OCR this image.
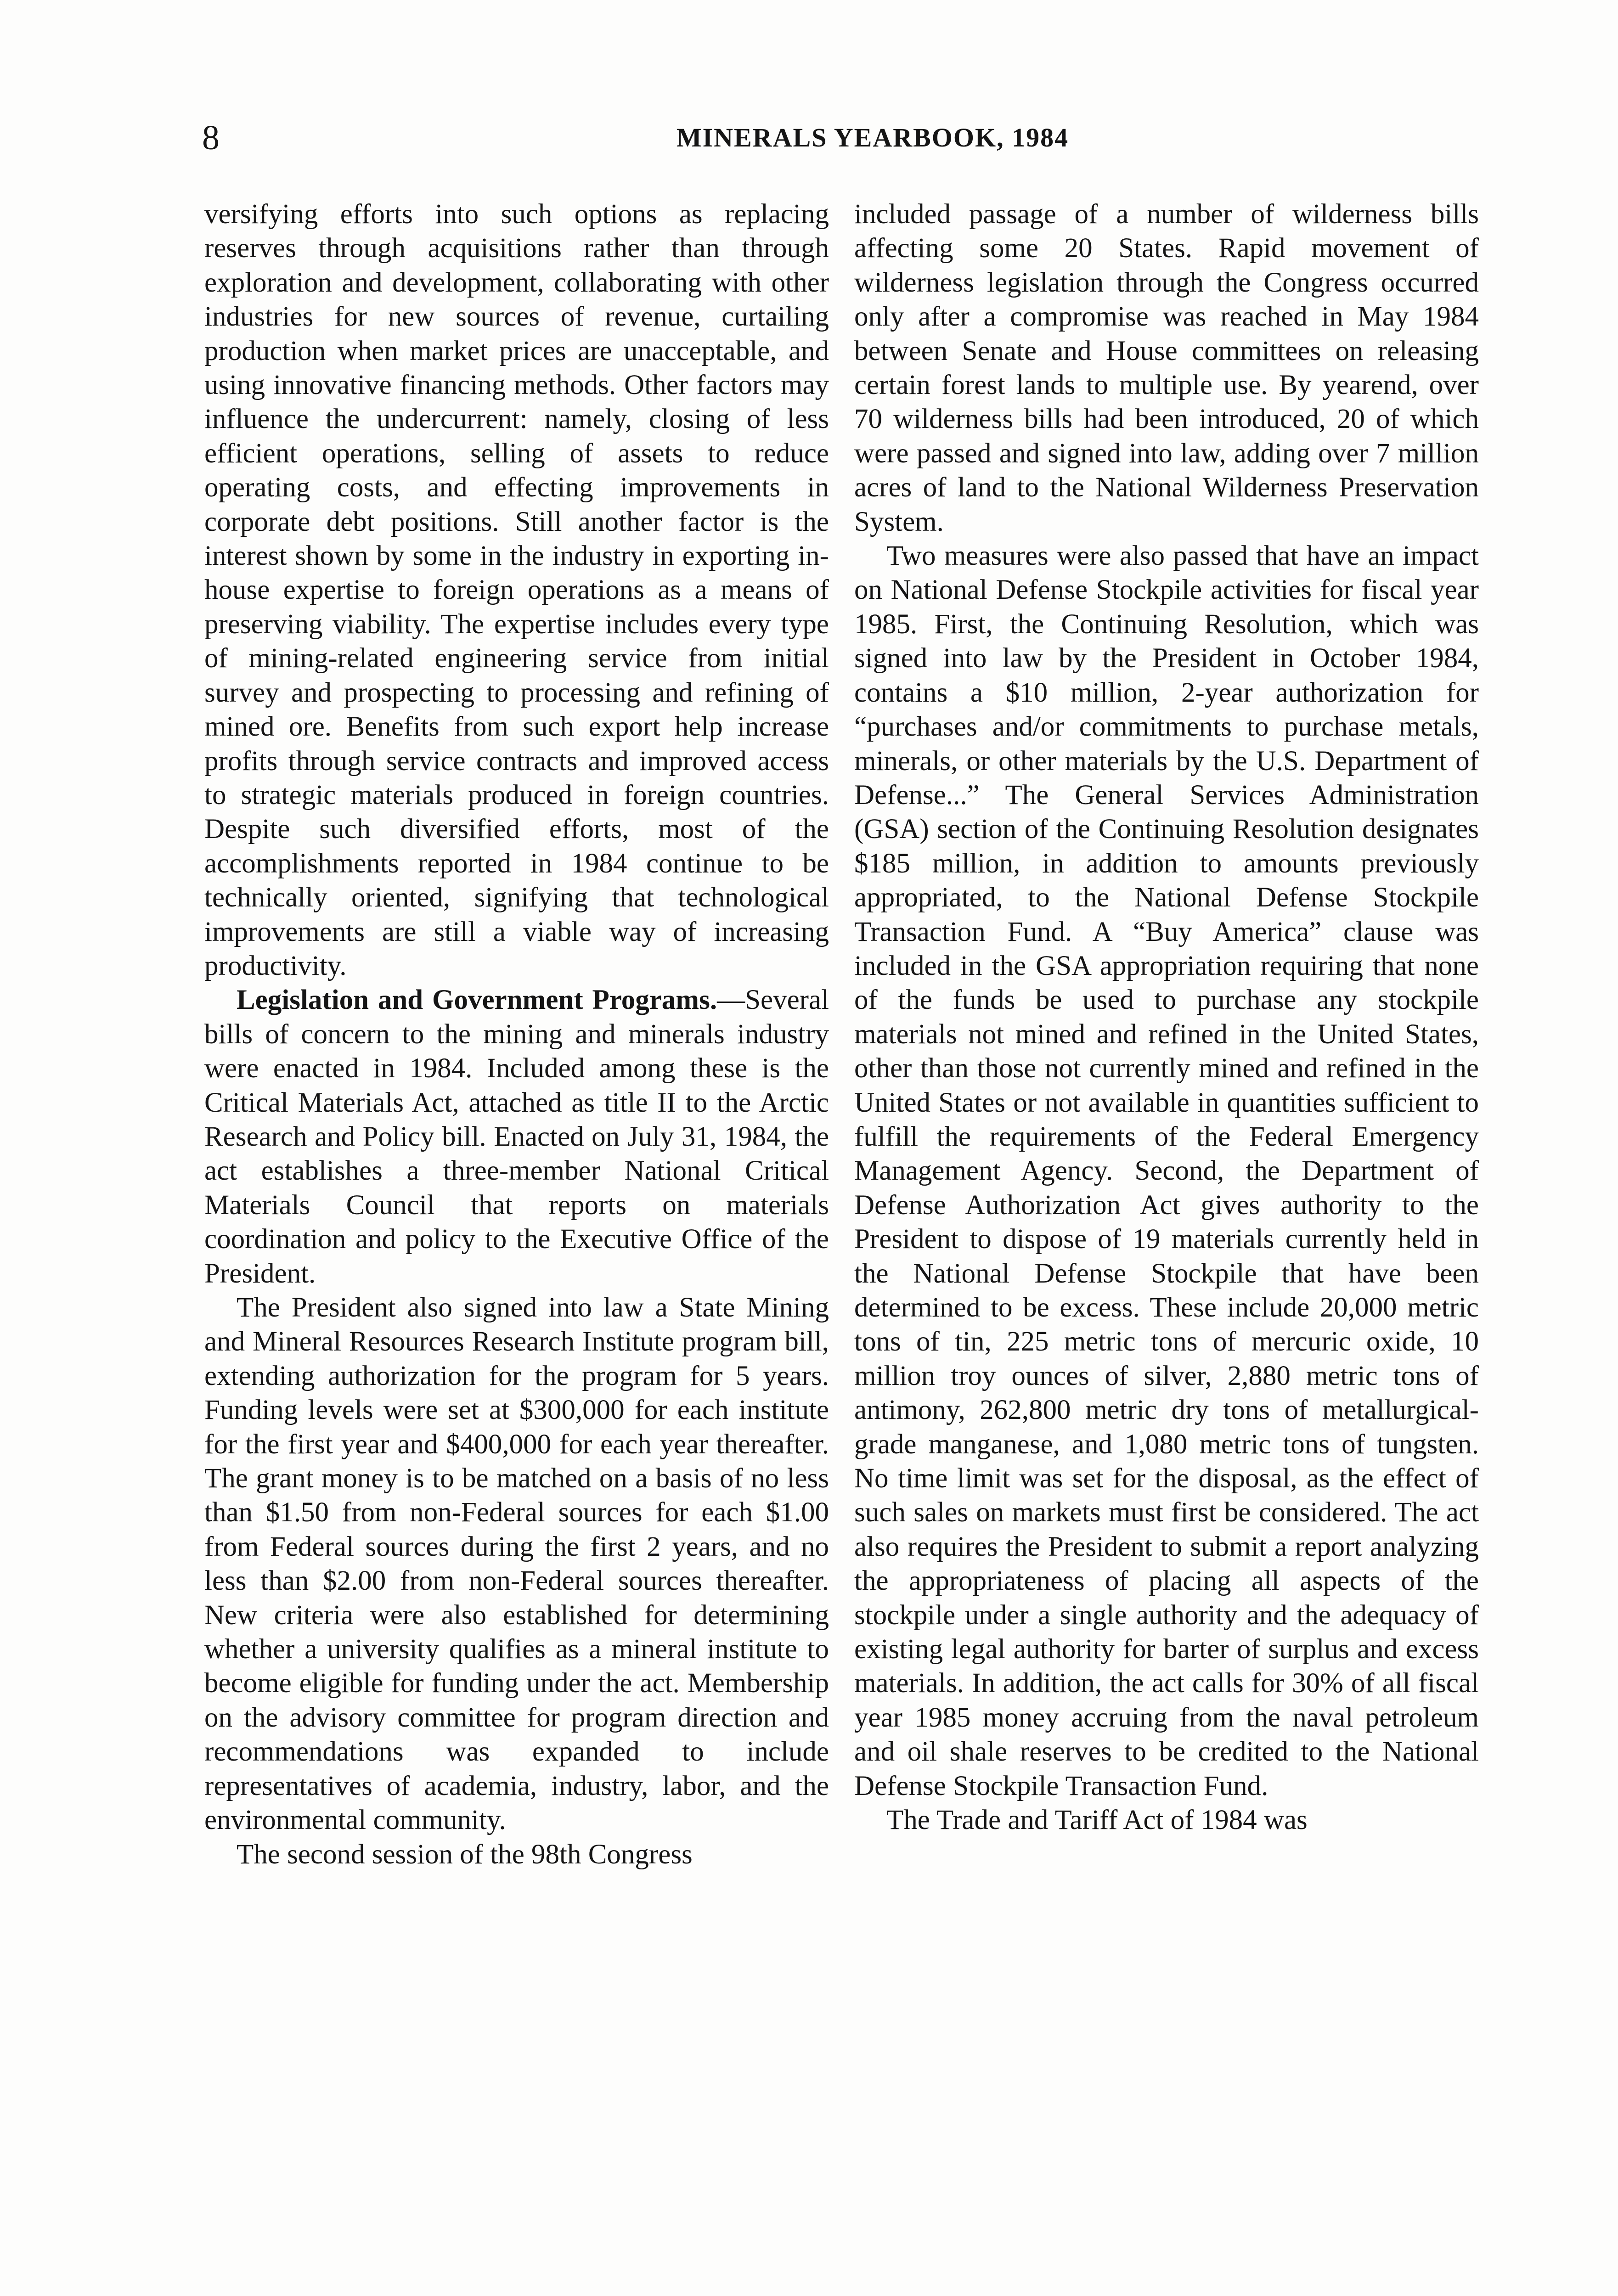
8	MINERALS YEARBOOK, 1984

versifying efforts into such options as replacing reserves through acquisitions rather than through exploration and development, collaborating with other industries for new sources of revenue, curtailing production when market prices are unacceptable, and using innovative financing methods. Other factors may influence the undercurrent: namely, closing of less efficient operations, selling of assets to reduce operating costs, and effecting improvements in corporate debt positions. Still another factor is the interest shown by some in the industry in exporting in-house expertise to foreign operations as a means of preserving viability. The expertise includes every type of mining-related engineering service from initial survey and prospecting to processing and refining of mined ore. Benefits from such export help increase profits through service contracts and improved access to strategic materials produced in foreign countries. Despite such diversified efforts, most of the accomplishments reported in 1984 continue to be technically oriented, signifying that technological improvements are still a viable way of increasing productivity.

Legislation and Government Programs.—Several bills of concern to the mining and minerals industry were enacted in 1984. Included among these is the Critical Materials Act, attached as title II to the Arctic Research and Policy bill. Enacted on July 31, 1984, the act establishes a three-member National Critical Materials Council that reports on materials coordination and policy to the Executive Office of the President.

The President also signed into law a State Mining and Mineral Resources Research Institute program bill, extending authorization for the program for 5 years. Funding levels were set at $300,000 for each institute for the first year and $400,000 for each year thereafter. The grant money is to be matched on a basis of no less than $1.50 from non-Federal sources for each $1.00 from Federal sources during the first 2 years, and no less than $2.00 from non-Federal sources thereafter. New criteria were also established for determining whether a university qualifies as a mineral institute to become eligible for funding under the act. Membership on the advisory committee for program direction and recommendations was expanded to include representatives of academia, industry, labor, and the environmental community.

The second session of the 98th Congress

included passage of a number of wilderness bills affecting some 20 States. Rapid movement of wilderness legislation through the Congress occurred only after a compromise was reached in May 1984 between Senate and House committees on releasing certain forest lands to multiple use. By yearend, over 70 wilderness bills had been introduced, 20 of which were passed and signed into law, adding over 7 million acres of land to the National Wilderness Preservation System.

Two measures were also passed that have an impact on National Defense Stockpile activities for fiscal year 1985. First, the Continuing Resolution, which was signed into law by the President in October 1984, contains a $10 million, 2-year authorization for “purchases and/or commitments to purchase metals, minerals, or other materials by the U.S. Department of Defense...” The General Services Administration (GSA) section of the Continuing Resolution designates $185 million, in addition to amounts previously appropriated, to the National Defense Stockpile Transaction Fund. A “Buy America” clause was included in the GSA appropriation requiring that none of the funds be used to purchase any stockpile materials not mined and refined in the United States, other than those not currently mined and refined in the United States or not available in quantities sufficient to fulfill the requirements of the Federal Emergency Management Agency. Second, the Department of Defense Authorization Act gives authority to the President to dispose of 19 materials currently held in the National Defense Stockpile that have been determined to be excess. These include 20,000 metric tons of tin, 225 metric tons of mercuric oxide, 10 million troy ounces of silver, 2,880 metric tons of antimony, 262,800 metric dry tons of metallurgical-grade manganese, and 1,080 metric tons of tungsten. No time limit was set for the disposal, as the effect of such sales on markets must first be considered. The act also requires the President to submit a report analyzing the appropriateness of placing all aspects of the stockpile under a single authority and the adequacy of existing legal authority for barter of surplus and excess materials. In addition, the act calls for 30% of all fiscal year 1985 money accruing from the naval petroleum and oil shale reserves to be credited to the National Defense Stockpile Transaction Fund.

The Trade and Tariff Act of 1984 was
